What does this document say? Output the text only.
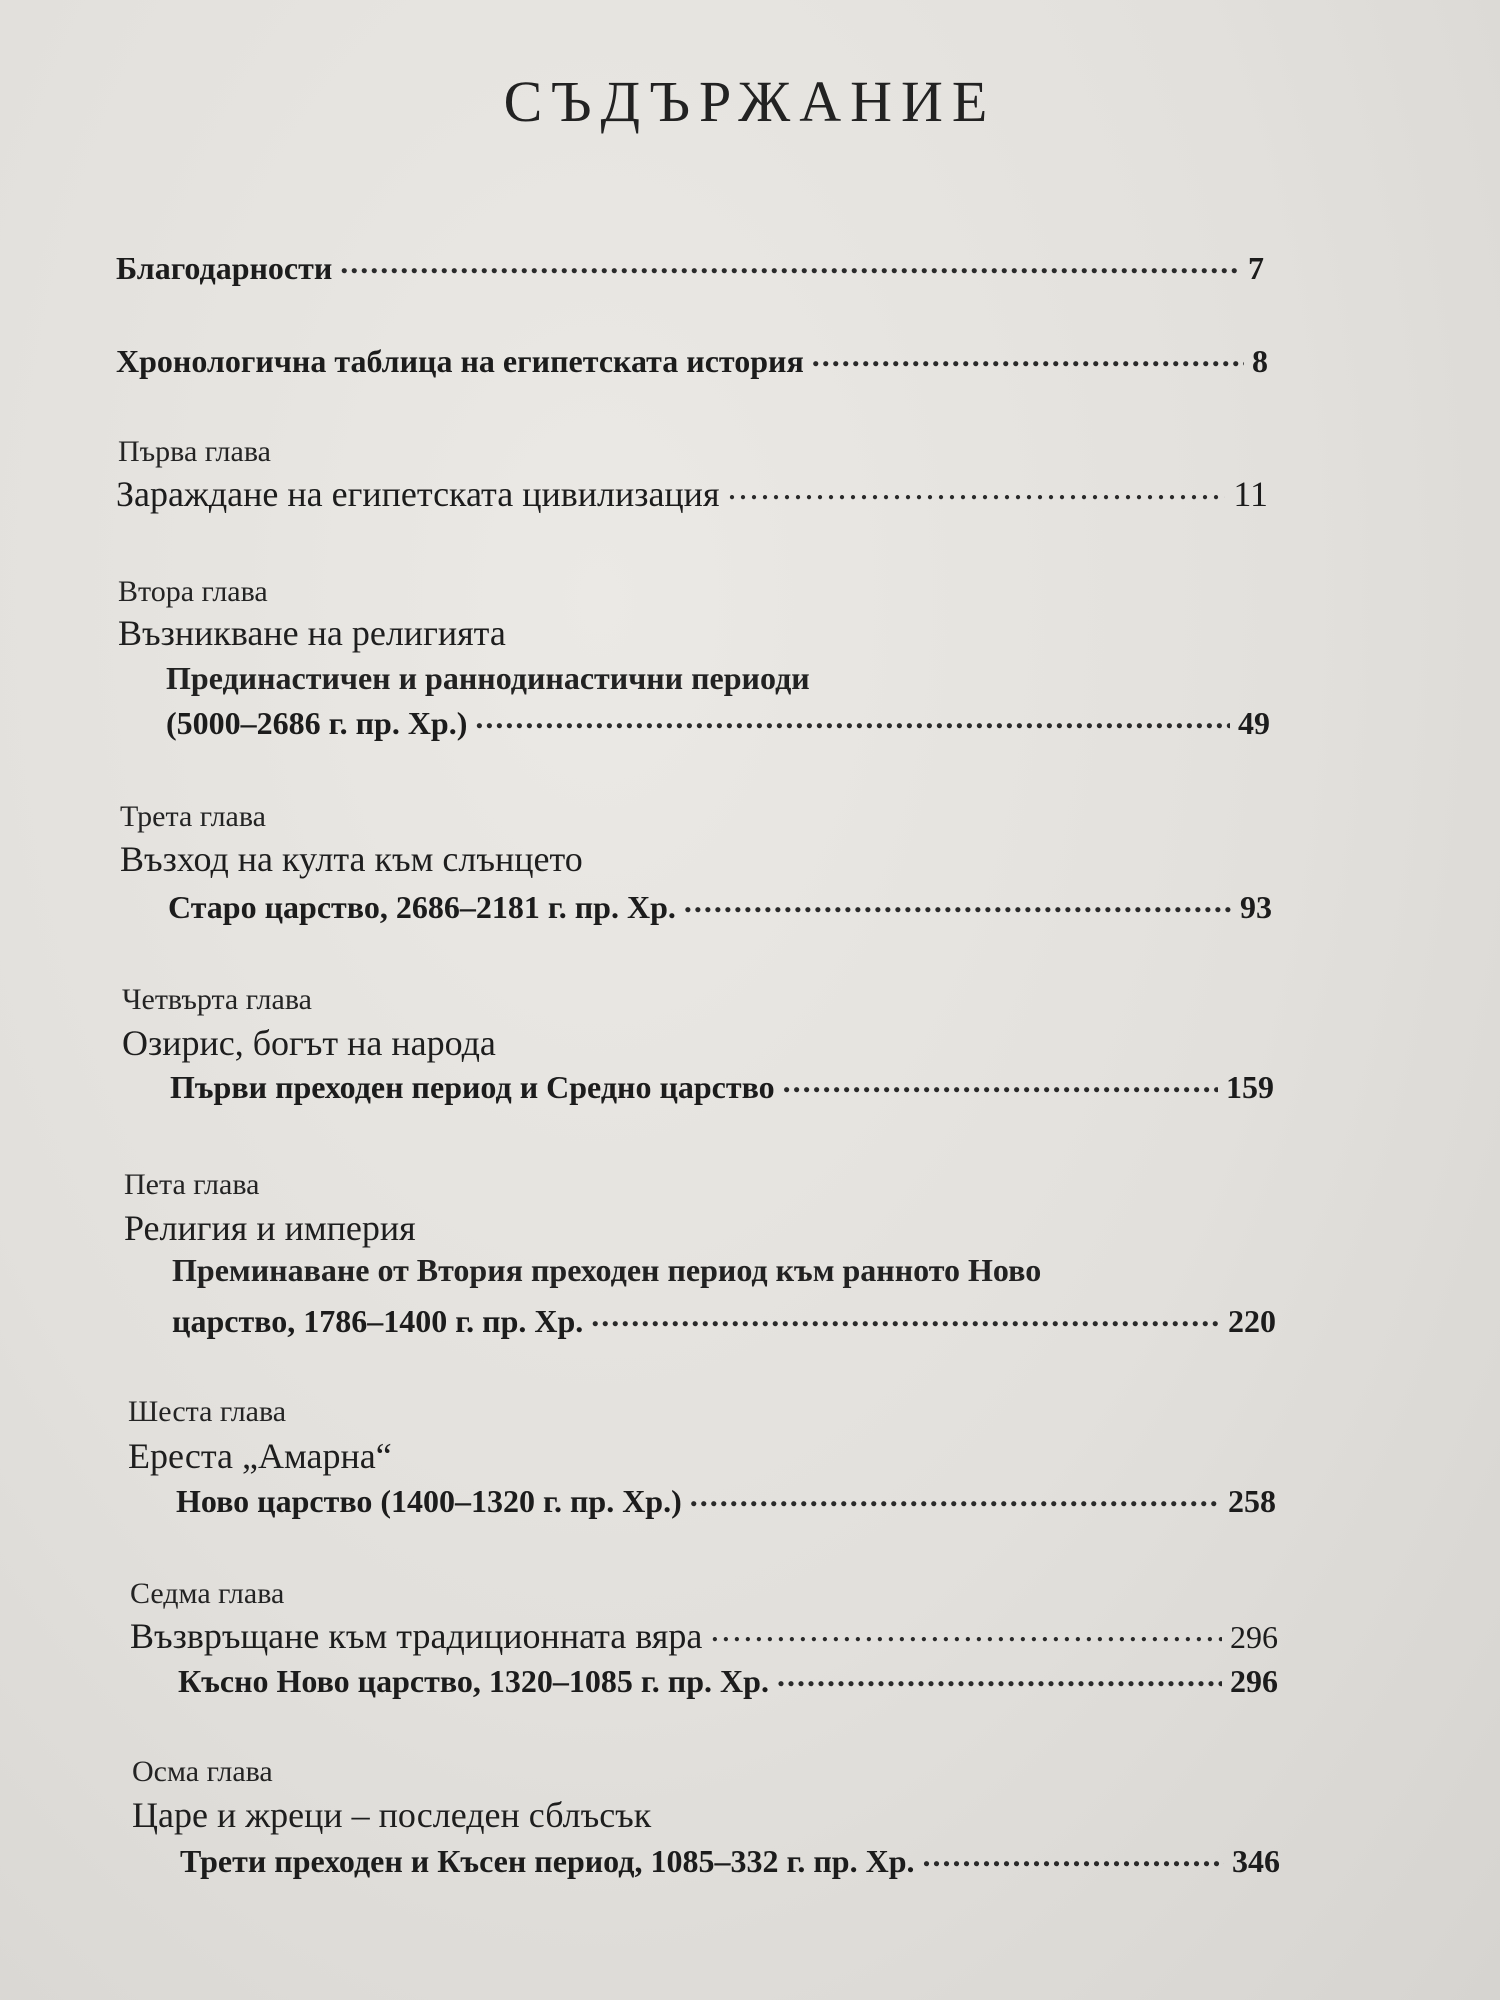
СЪДЪРЖАНИЕ
Благодарности .....	7
Хронологична таблица на египетската история .....	8
Първа глава
Зараждане на египетската цивилизация .....	11
Втора глава
Възникване на религията
Прединастичен и раннодинастични периоди
(5000–2686 г. пр. Хр.) .....	49
Трета глава
Възход на култа към слънцето
Старо царство, 2686–2181 г. пр. Хр. .....	93
Четвърта глава
Озирис, богът на народа
Първи преходен период и Средно царство .....	159
Пета глава
Религия и империя
Преминаване от Втория преходен период към ранното Ново
царство, 1786–1400 г. пр. Хр. .....	220
Шеста глава
Ереста „Амарна“
Ново царство (1400–1320 г. пр. Хр.) .....	258
Седма глава
Възвръщане към традиционната вяра .....	296
Късно Ново царство, 1320–1085 г. пр. Хр. .....	296
Осма глава
Царе и жреци – последен сблъсък
Трети преходен и Късен период, 1085–332 г. пр. Хр. .....	346
